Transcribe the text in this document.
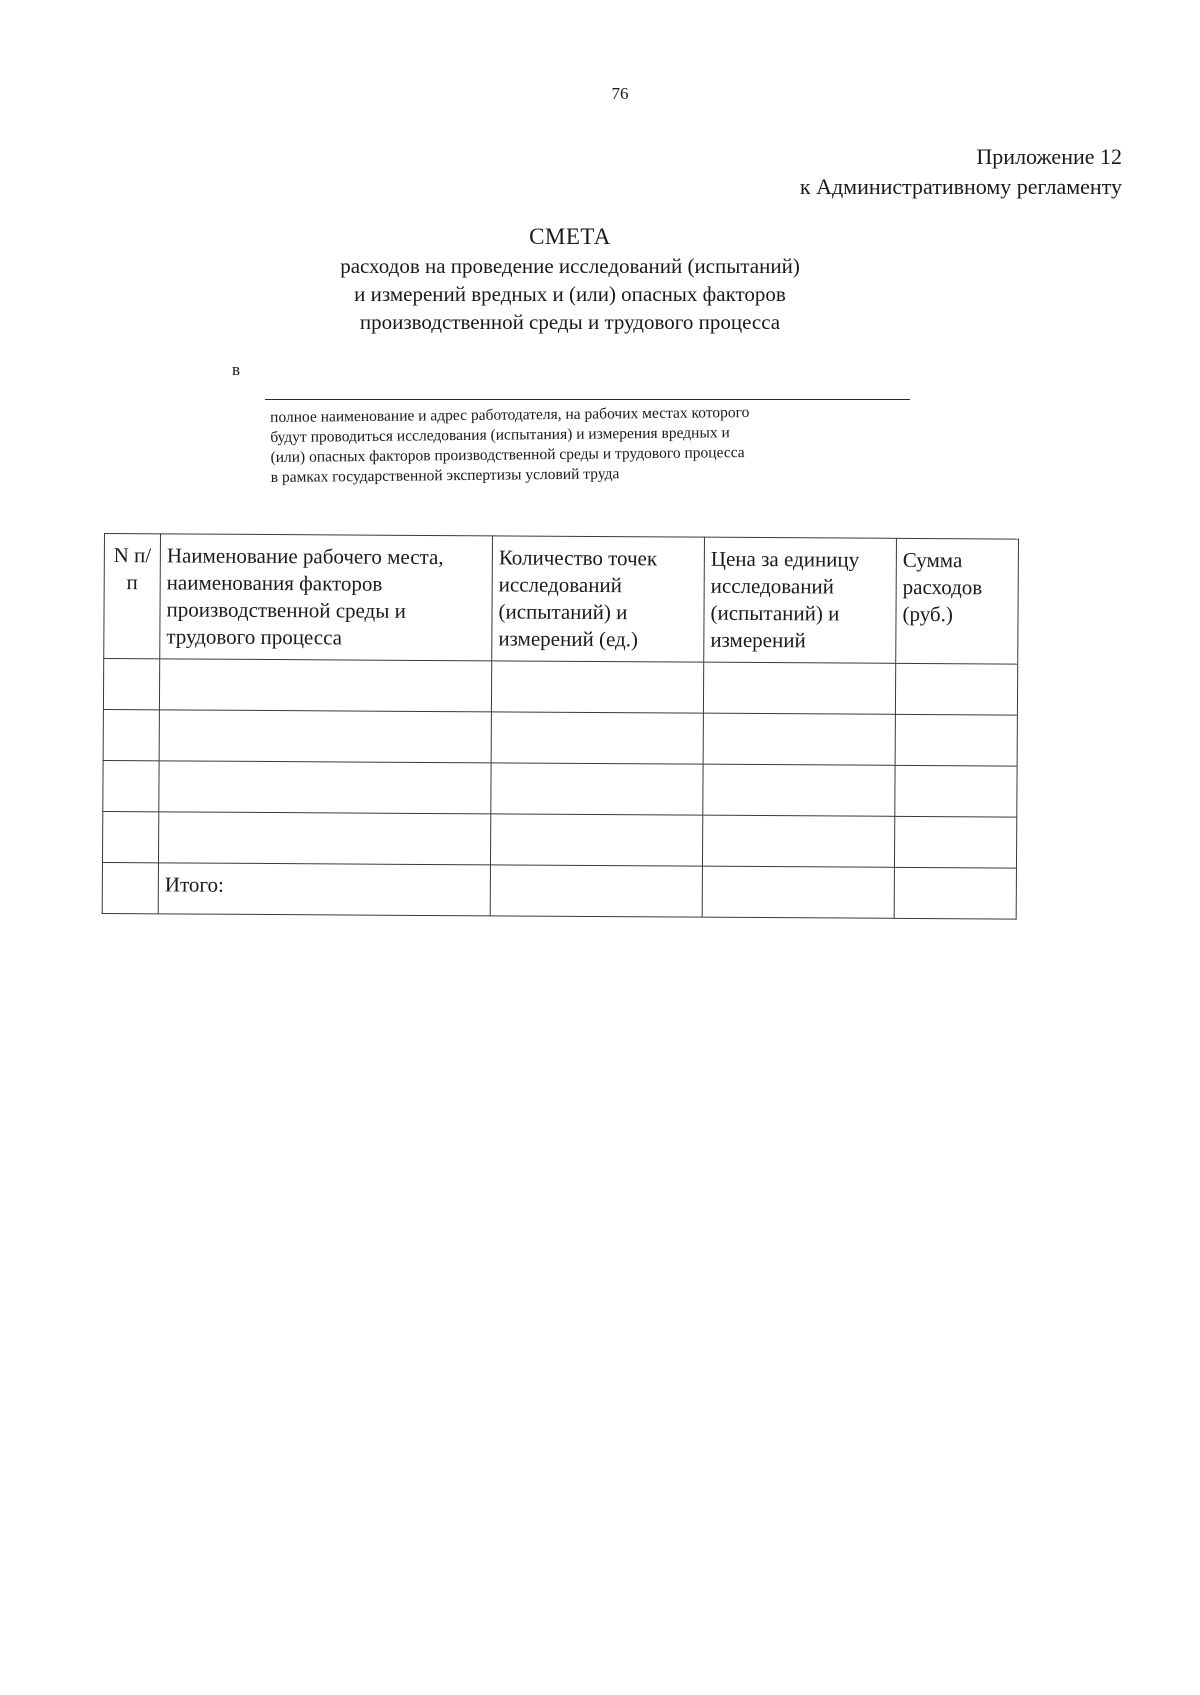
76
Приложение 12
к Административному регламенту
СМЕТА
расходов на проведение исследований (испытаний)
и измерений вредных и (или) опасных факторов
производственной среды и трудового процесса
в
полное наименование и адрес работодателя, на рабочих местах которого
будут проводиться исследования (испытания) и измерения вредных и
(или) опасных факторов производственной среды и трудового процесса
в рамках государственной экспертизы условий труда
N п/п	Наименование рабочего места, наименования факторов производственной среды и трудового процесса	Количество точек исследований (испытаний) и измерений (ед.)	Цена за единицу исследований (испытаний) и измерений	Сумма расходов (руб.)

	Итого:			
